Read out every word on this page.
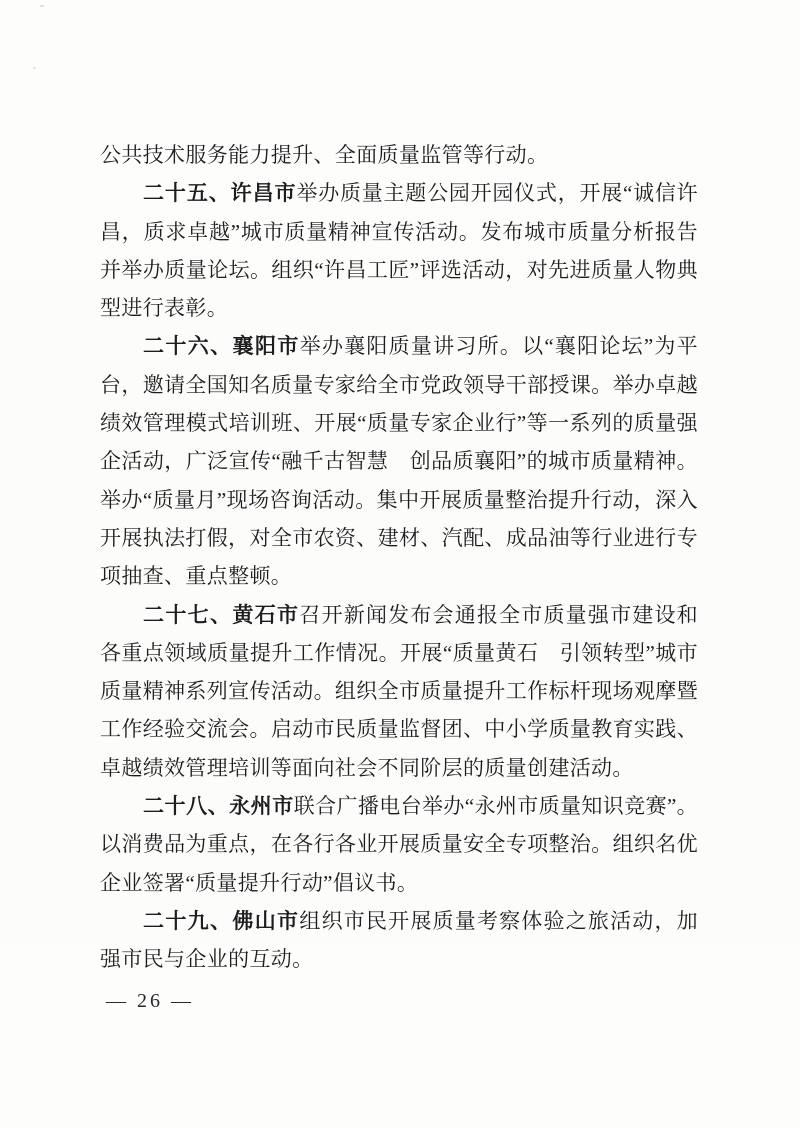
公共技术服务能力提升、全面质量监管等行动。

二十五、许昌市举办质量主题公园开园仪式，开展“诚信许昌，质求卓越”城市质量精神宣传活动。发布城市质量分析报告并举办质量论坛。组织“许昌工匠”评选活动，对先进质量人物典型进行表彰。

二十六、襄阳市举办襄阳质量讲习所。以“襄阳论坛”为平台，邀请全国知名质量专家给全市党政领导干部授课。举办卓越绩效管理模式培训班、开展“质量专家企业行”等一系列的质量强企活动，广泛宣传“融千古智慧　创品质襄阳”的城市质量精神。举办“质量月”现场咨询活动。集中开展质量整治提升行动，深入开展执法打假，对全市农资、建材、汽配、成品油等行业进行专项抽查、重点整顿。

二十七、黄石市召开新闻发布会通报全市质量强市建设和各重点领域质量提升工作情况。开展“质量黄石　引领转型”城市质量精神系列宣传活动。组织全市质量提升工作标杆现场观摩暨工作经验交流会。启动市民质量监督团、中小学质量教育实践、卓越绩效管理培训等面向社会不同阶层的质量创建活动。

二十八、永州市联合广播电台举办“永州市质量知识竞赛”。以消费品为重点，在各行各业开展质量安全专项整治。组织名优企业签署“质量提升行动”倡议书。

二十九、佛山市组织市民开展质量考察体验之旅活动，加强市民与企业的互动。

— 26 —
